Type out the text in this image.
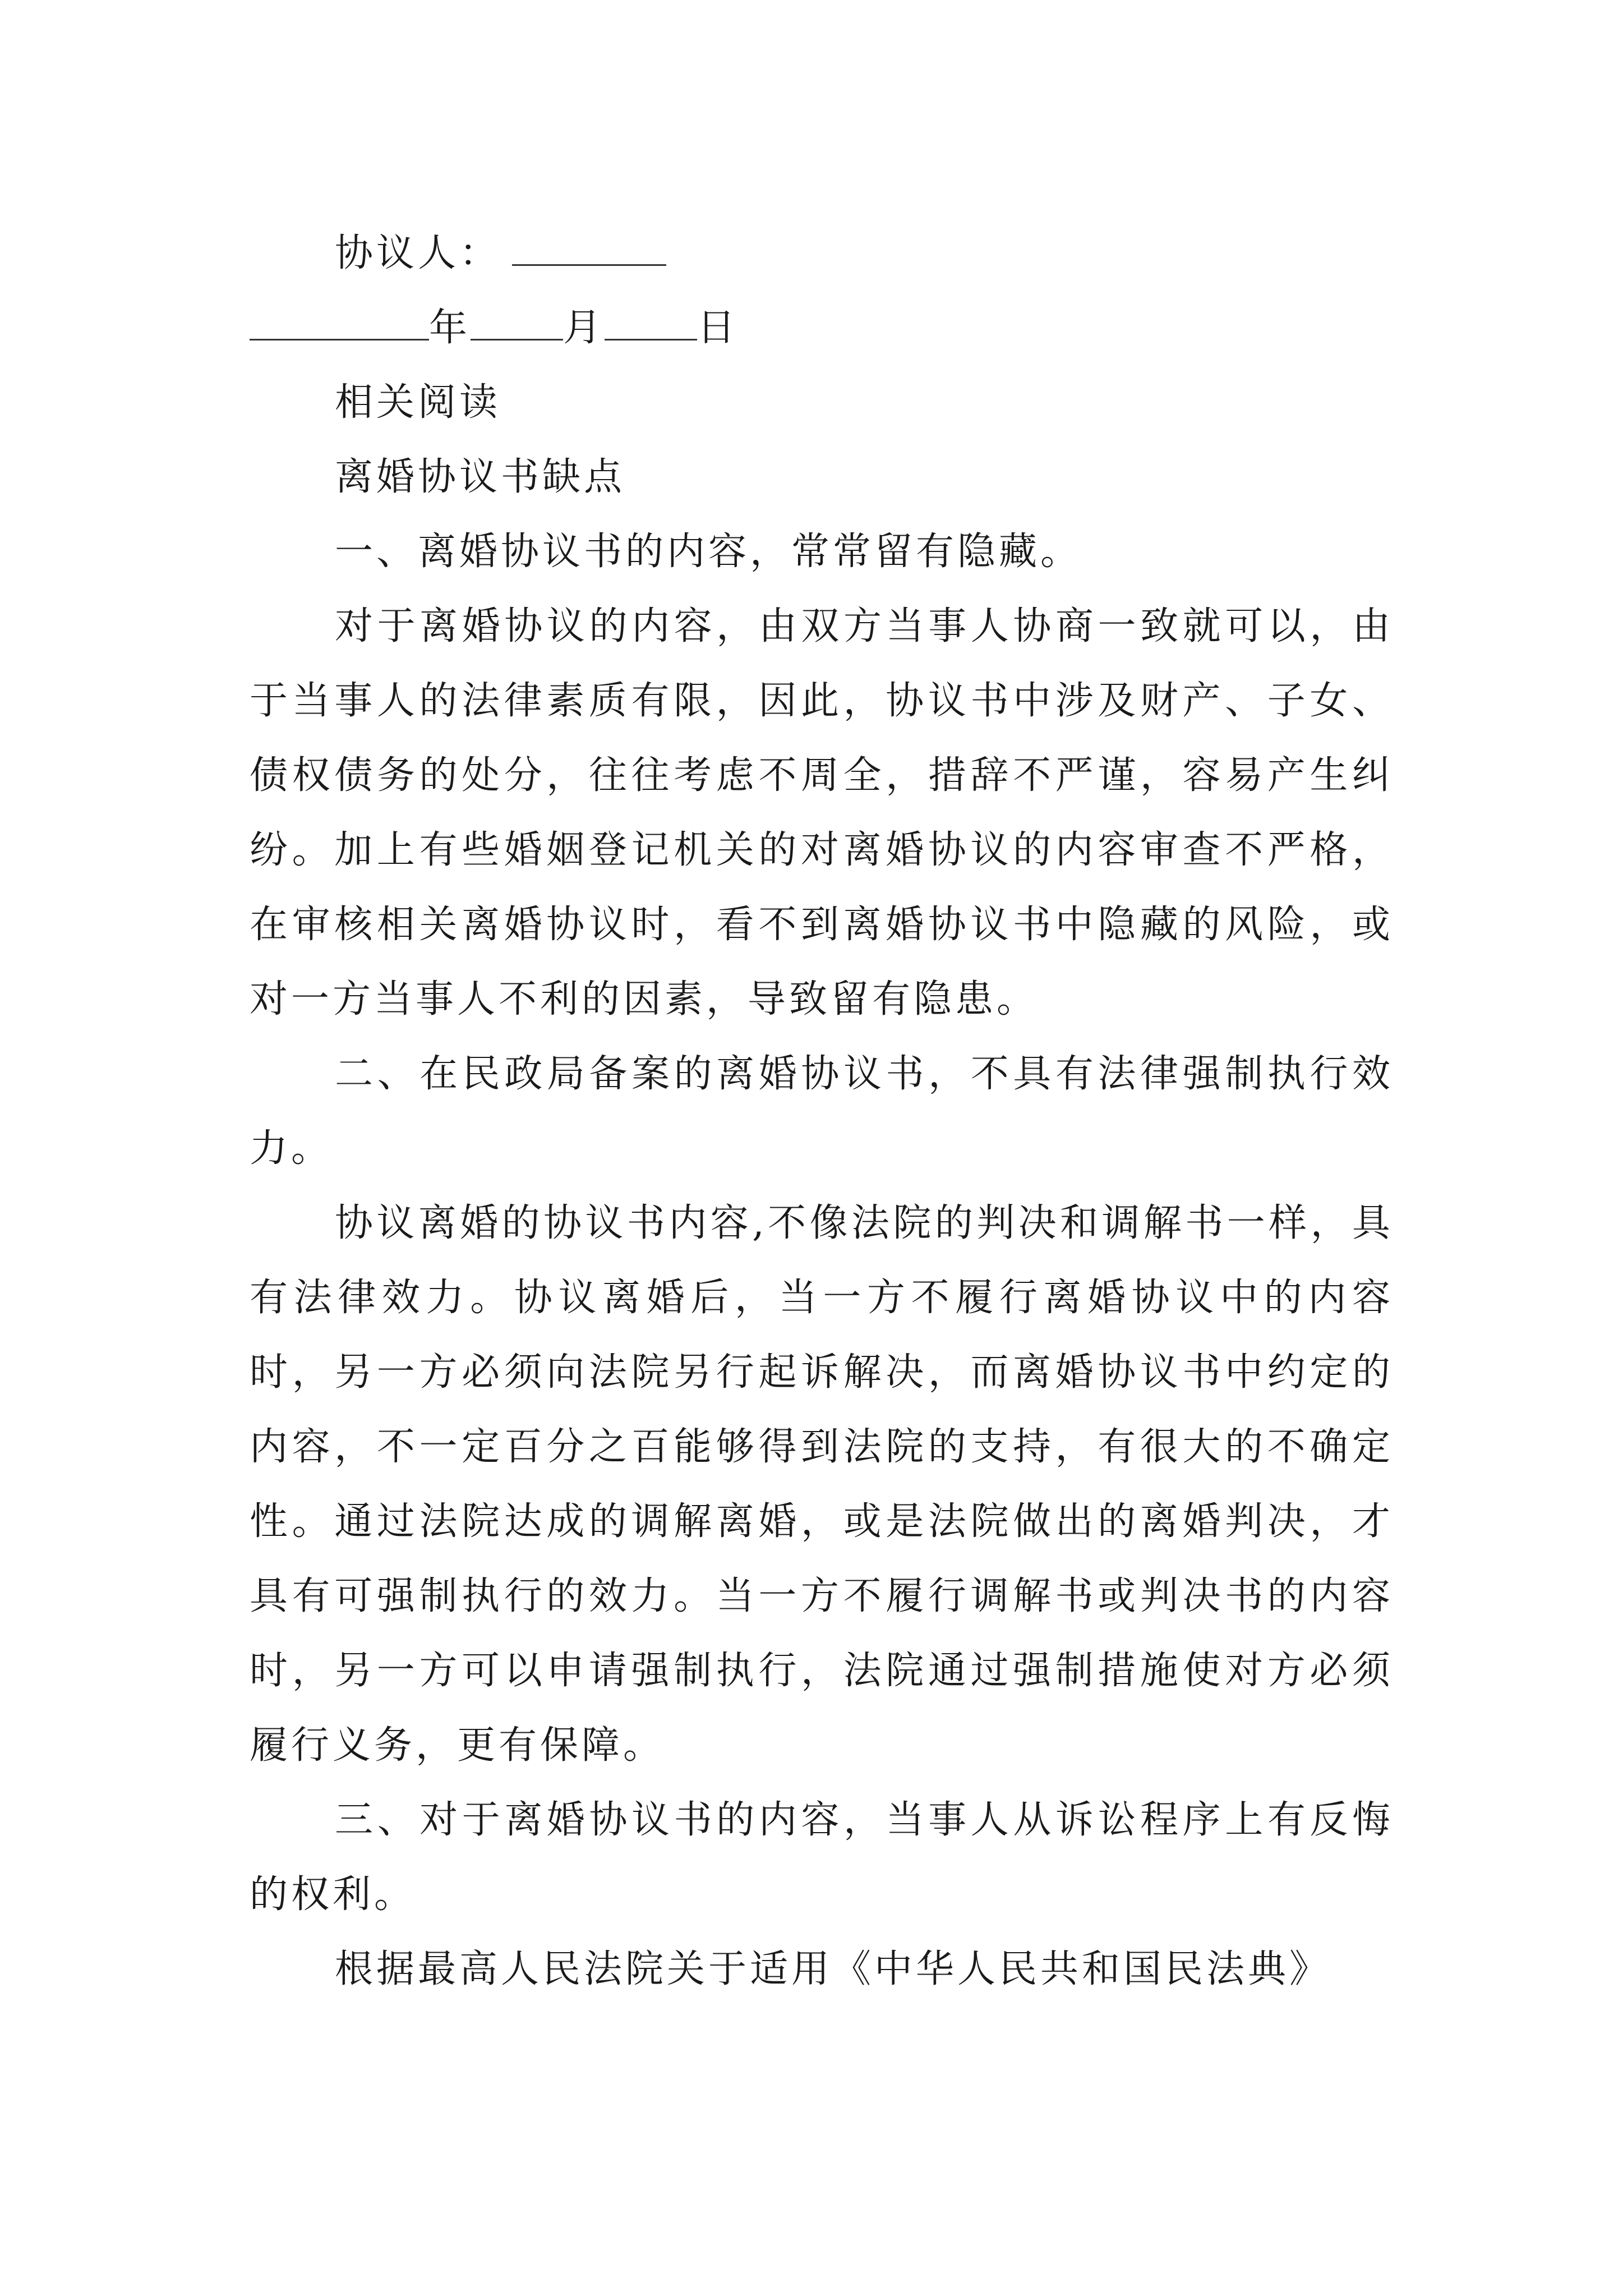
协议人：

年 月 日

相关阅读

离婚协议书缺点

一、离婚协议书的内容，常常留有隐藏。

对于离婚协议的内容，由双方当事人协商一致就可以，由于当事人的法律素质有限，因此，协议书中涉及财产、子女、债权债务的处分，往往考虑不周全，措辞不严谨，容易产生纠纷。加上有些婚姻登记机关的对离婚协议的内容审查不严格，在审核相关离婚协议时，看不到离婚协议书中隐藏的风险，或对一方当事人不利的因素，导致留有隐患。

二、在民政局备案的离婚协议书，不具有法律强制执行效力。

协议离婚的协议书内容,不像法院的判决和调解书一样，具有法律效力。协议离婚后，当一方不履行离婚协议中的内容时，另一方必须向法院另行起诉解决，而离婚协议书中约定的内容，不一定百分之百能够得到法院的支持，有很大的不确定性。通过法院达成的调解离婚，或是法院做出的离婚判决，才具有可强制执行的效力。当一方不履行调解书或判决书的内容时，另一方可以申请强制执行，法院通过强制措施使对方必须履行义务，更有保障。

三、对于离婚协议书的内容，当事人从诉讼程序上有反悔的权利。

根据最高人民法院关于适用《中华人民共和国民法典》
